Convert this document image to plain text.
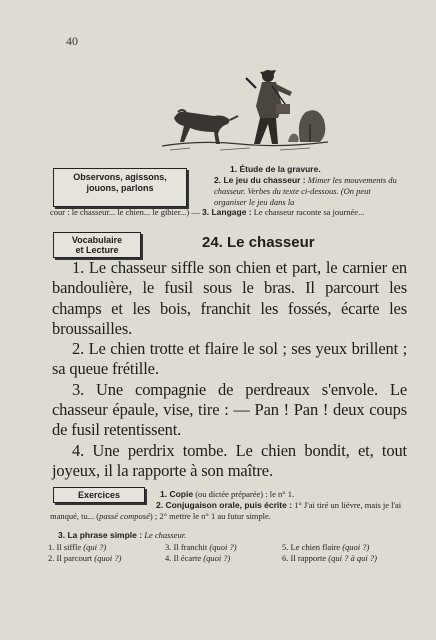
40
Observons, agissons,
jouons, parlons
1. Étude de la gravure.
2. Le jeu du chasseur : Mimer les mouvements du chasseur. Verbes du texte ci-dessous. (On peut organiser le jeu dans la
cour : le chasseur... le chien... le gibier...) — 3. Langage : Le chasseur raconte sa journée...
Vocabulaire
et Lecture	24. Le chasseur

1. Le chasseur siffle son chien et part, le carnier en bandoulière, le fusil sous le bras. Il parcourt les champs et les bois, franchit les fossés, écarte les broussailles.

2. Le chien trotte et flaire le sol ; ses yeux brillent ; sa queue frétille.

3. Une compagnie de perdreaux s'envole. Le chasseur épaule, vise, tire : — Pan ! Pan ! deux coups de fusil retentissent.

4. Une perdrix tombe. Le chien bondit, et, tout joyeux, il la rapporte à son maître.

Exercices	1. Copie (ou dictée préparée) : le n° 1.
2. Conjugaison orale, puis écrite : 1° J'ai tiré un lièvre, mais je l'ai manqué, tu... (passé composé) ; 2° mettre le n° 1 au futur simple.
3. La phrase simple : Le chasseur.
1. Il siffle (qui ?)	3. Il franchit (quoi ?)	5. Le chien flaire (quoi ?)
2. Il parcourt (quoi ?)	4. Il écarte (quoi ?)	6. Il rapporte (qui ? à qui ?)
